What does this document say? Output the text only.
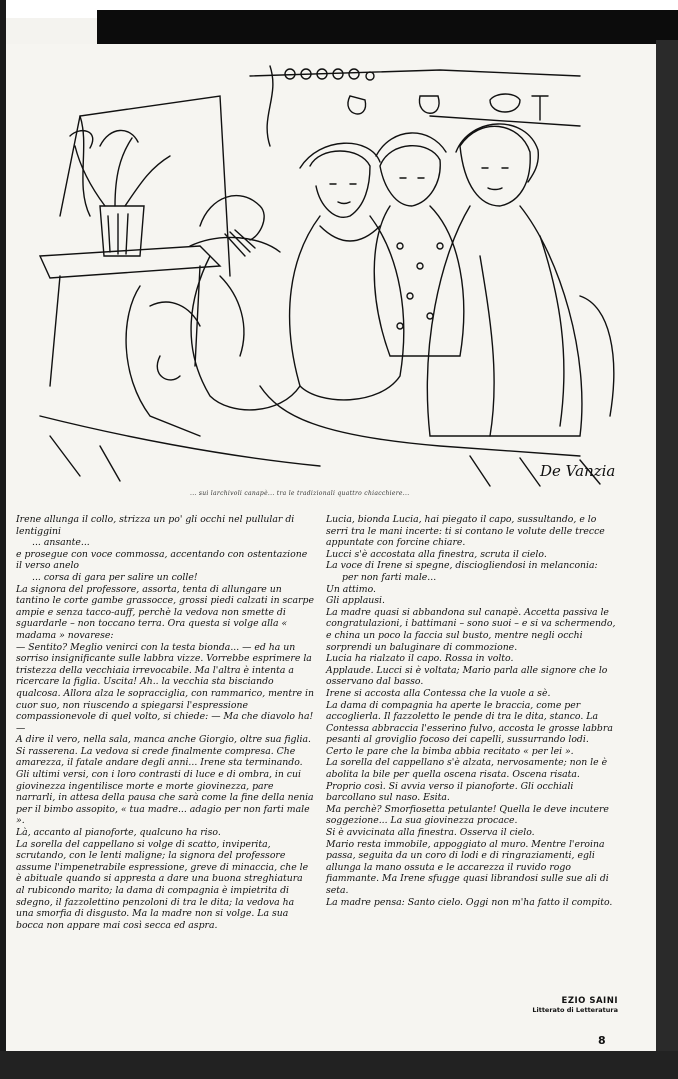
De Vanzia
... sui larchivoli canapè... tra le tradizionali quattro chiacchiere...

Irene allunga il collo, strizza un po' gli occhi nel pullular di lentiggini

... ansante...

e prosegue con voce commossa, accentando con ostentazione il verso anelo

... corsa di gara per salire un colle!

La signora del professore, assorta, tenta di allungare un tantino le corte gambe grassocce, grossi piedi calzati in scarpe ampie e senza tacco-auff, perchè la vedova non smette di sguardarle – non toccano terra. Ora questa si volge alla « madama » novarese:

— Sentito? Meglio venirci con la testa bionda... — ed ha un sorriso insignificante sulle labbra vizze. Vorrebbe esprimere la tristezza della vecchiaia irrevocabile. Ma l'altra è intenta a ricercare la figlia. Uscita! Ah.. la vecchia sta bisciando qualcosa. Allora alza le sopracciglia, con rammarico, mentre in cuor suo, non riuscendo a spiegarsi l'espressione compassionevole di quel volto, si chiede: — Ma che diavolo ha! —

A dire il vero, nella sala, manca anche Giorgio, oltre sua figlia. Si rasserena. La vedova si crede finalmente compresa. Che amarezza, il fatale andare degli anni... Irene sta terminando. Gli ultimi versi, con i loro contrasti di luce e di ombra, in cui giovinezza ingentilisce morte e morte giovinezza, pare narrarli, in attesa della pausa che sarà come la fine della nenia per il bimbo assopito, « tua madre... adagio per non farti male ».

Là, accanto al pianoforte, qualcuno ha riso.

La sorella del cappellano si volge di scatto, inviperita, scrutando, con le lenti maligne; la signora del professore assume l'impenetrabile espressione, greve di minaccia, che le è abituale quando si appresta a dare una buona streghiatura al rubicondo marito; la dama di compagnia è impietrita di sdegno, il fazzolettino penzoloni di tra le dita; la vedova ha una smorfia di disgusto. Ma la madre non si volge. La sua bocca non appare mai così secca ed aspra.

Lucia, bionda Lucia, hai piegato il capo, sussultando, e lo serri tra le mani incerte: ti si contano le volute delle trecce appuntate con forcine chiare.

Lucci s'è accostata alla finestra, scruta il cielo.

La voce di Irene si spegne, disciogliendosi in melanconia:

per non farti male...

Un attimo.

Gli applausi.

La madre quasi si abbandona sul canapè. Accetta passiva le congratulazioni, i battimani – sono suoi – e si va schermendo, e china un poco la faccia sul busto, mentre negli occhi sorprendi un baluginare di commozione.

Lucia ha rialzato il capo. Rossa in volto.

Applaude. Lucci si è voltata; Mario parla alle signore che lo osservano dal basso.

Irene si accosta alla Contessa che la vuole a sè.

La dama di compagnia ha aperte le braccia, come per accoglierla. Il fazzoletto le pende di tra le dita, stanco. La Contessa abbraccia l'esserino fulvo, accosta le grosse labbra pesanti al groviglio focoso dei capelli, sussurrando lodi. Certo le pare che la bimba abbia recitato « per lei ».

La sorella del cappellano s'è alzata, nervosamente; non le è abolita la bile per quella oscena risata. Oscena risata. Proprio così. Si avvia verso il pianoforte. Gli occhiali barcollano sul naso. Esita.

Ma perchè? Smorfiosetta petulante! Quella le deve incutere soggezione... La sua giovinezza procace.

Si è avvicinata alla finestra. Osserva il cielo.

Mario resta immobile, appoggiato al muro. Mentre l'eroina passa, seguita da un coro di lodi e di ringraziamenti, egli allunga la mano ossuta e le accarezza il ruvido rogo fiammante. Ma Irene sfugge quasi librandosi sulle sue ali di seta.

La madre pensa: Santo cielo. Oggi non m'ha fatto il compito.

EZIO SAINI
Litterato di Letteratura
8
